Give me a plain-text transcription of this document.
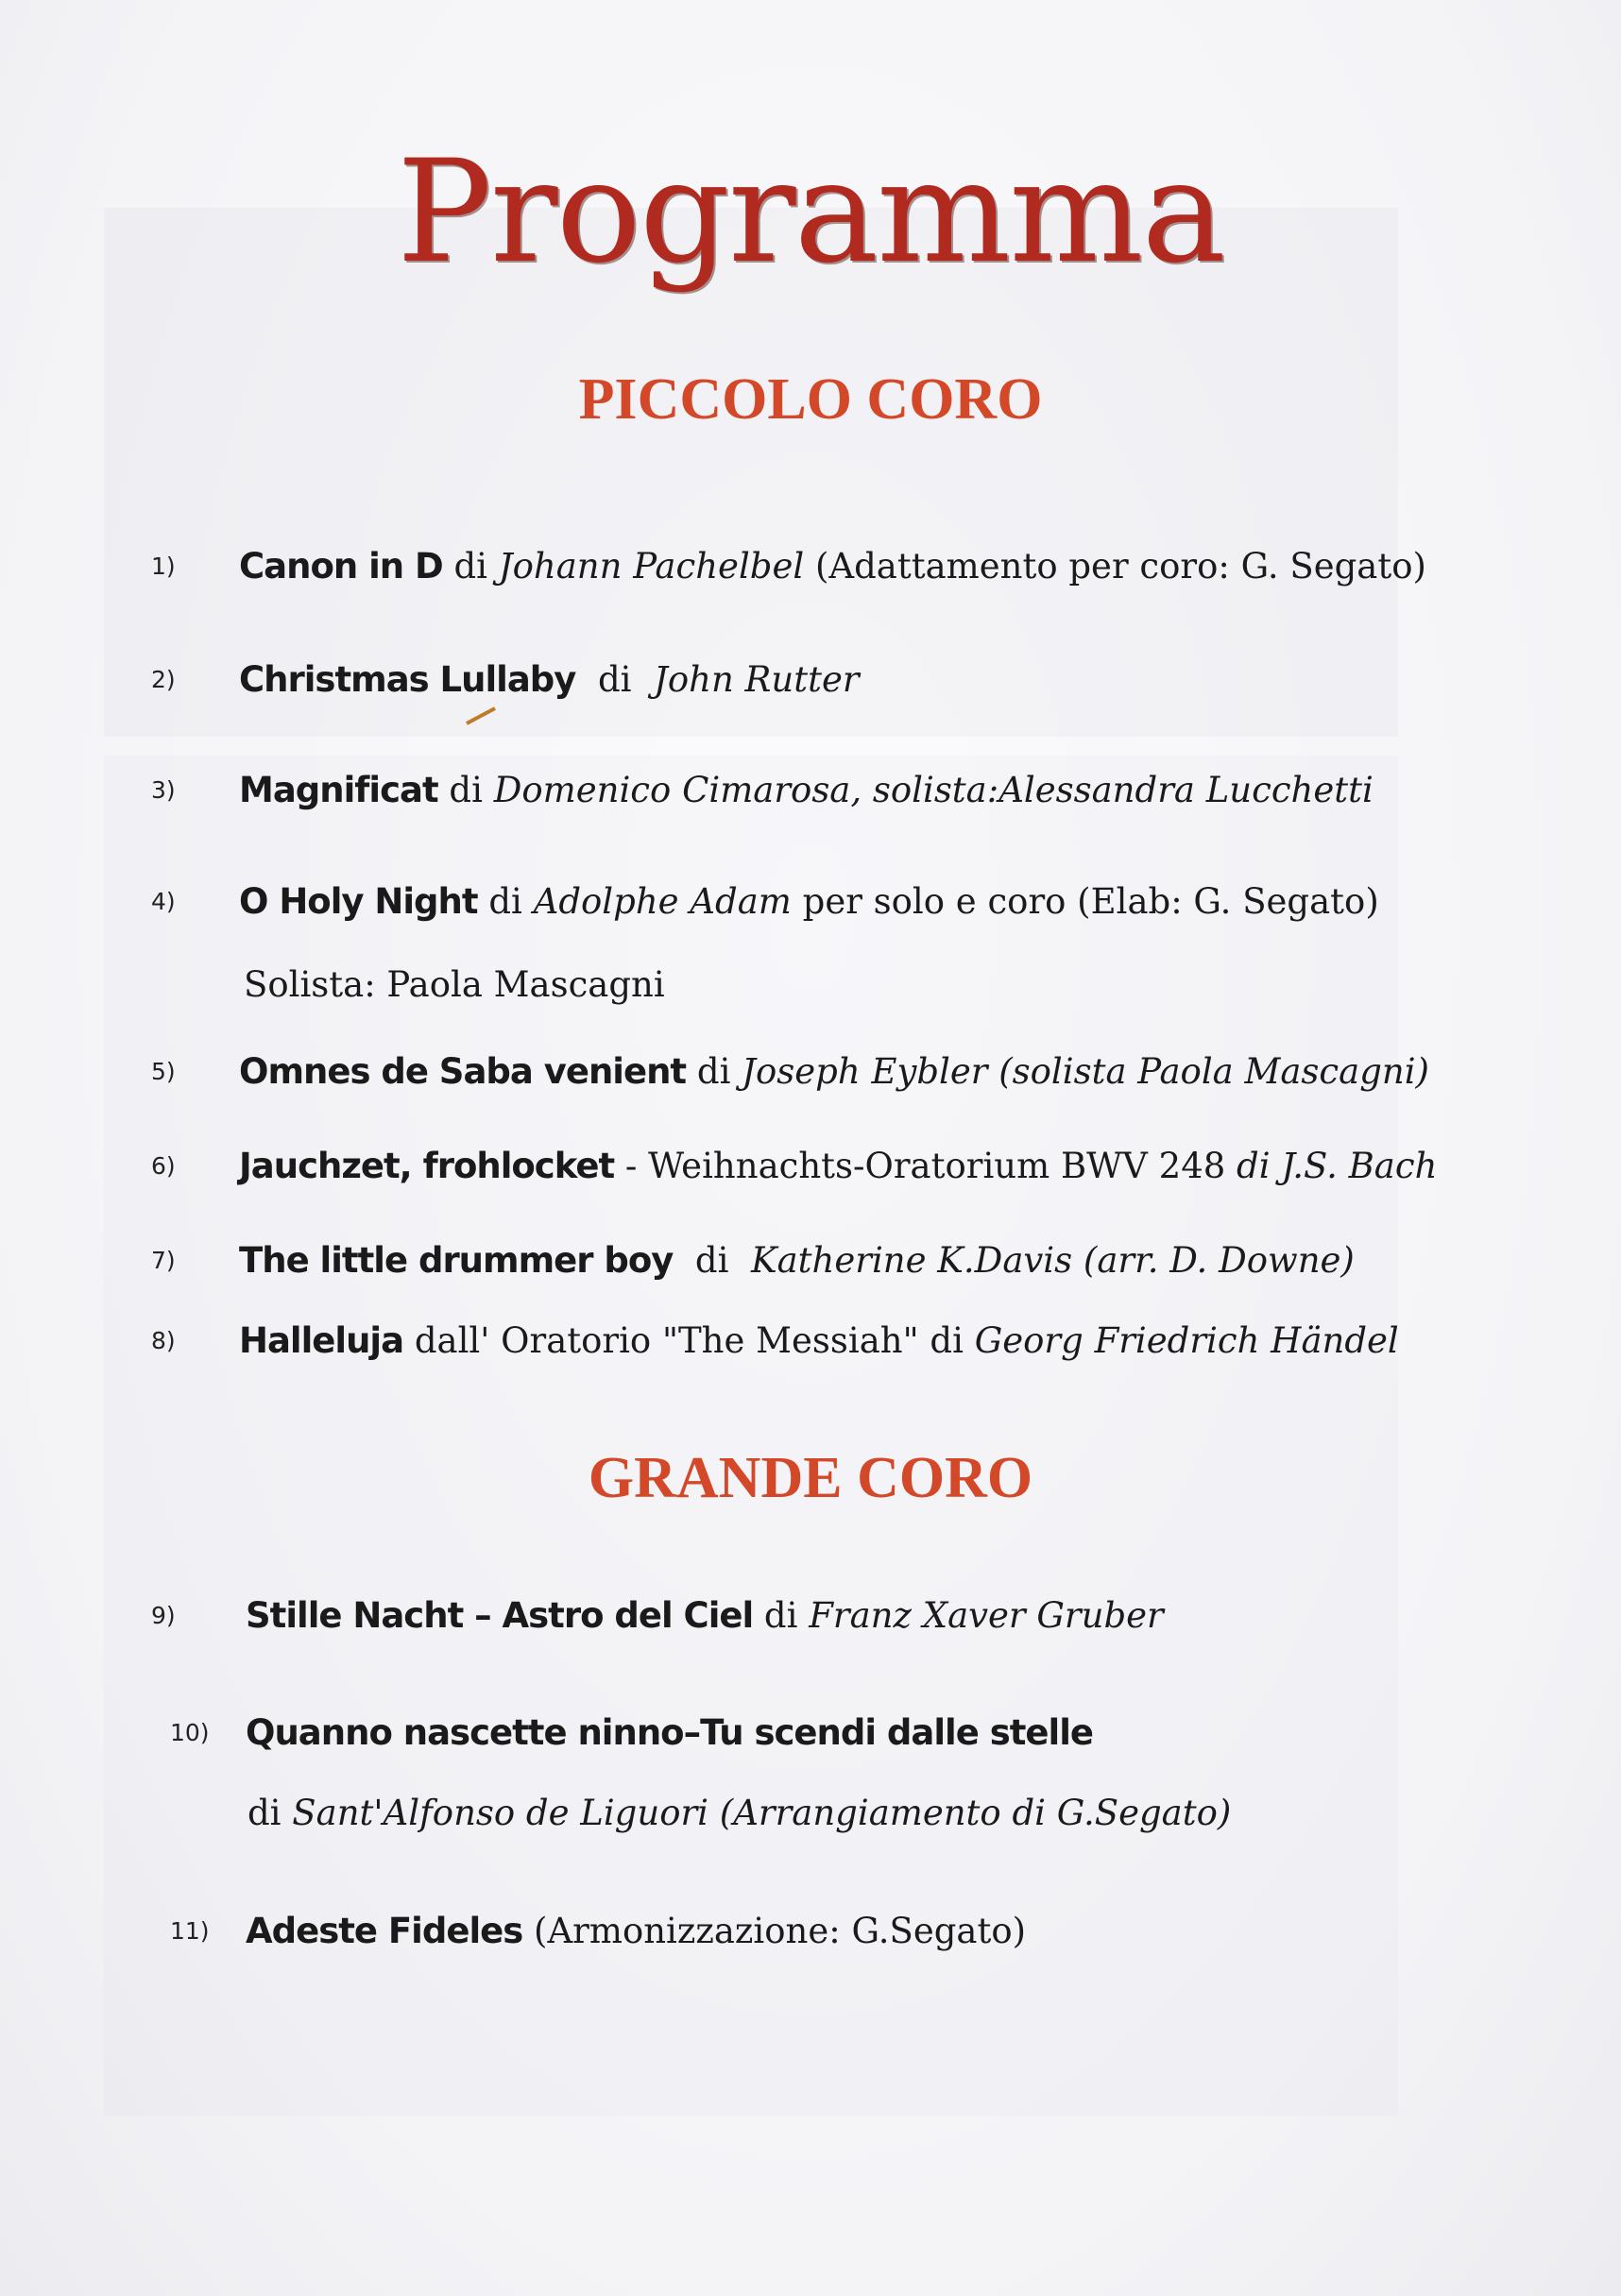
Programma
PICCOLO CORO
1)	Canon in D di Johann Pachelbel (Adattamento per coro: G. Segato)
2)	Christmas Lullaby  di  John Rutter
3)	Magnificat di Domenico Cimarosa, solista:Alessandra Lucchetti
4)	O Holy Night di Adolphe Adam per solo e coro (Elab: G. Segato)
Solista: Paola Mascagni
5)	Omnes de Saba venient di Joseph Eybler (solista Paola Mascagni)
6)	Jauchzet, frohlocket - Weihnachts-Oratorium BWV 248 di J.S. Bach
7)	The little drummer boy  di  Katherine K.Davis (arr. D. Downe)
8)	Halleluja dall' Oratorio "The Messiah" di Georg Friedrich Händel
GRANDE CORO
9)	Stille Nacht – Astro del Ciel di Franz Xaver Gruber
10)	Quanno nascette ninno–Tu scendi dalle stelle
di Sant'Alfonso de Liguori (Arrangiamento di G.Segato)
11)	Adeste Fideles (Armonizzazione: G.Segato)
